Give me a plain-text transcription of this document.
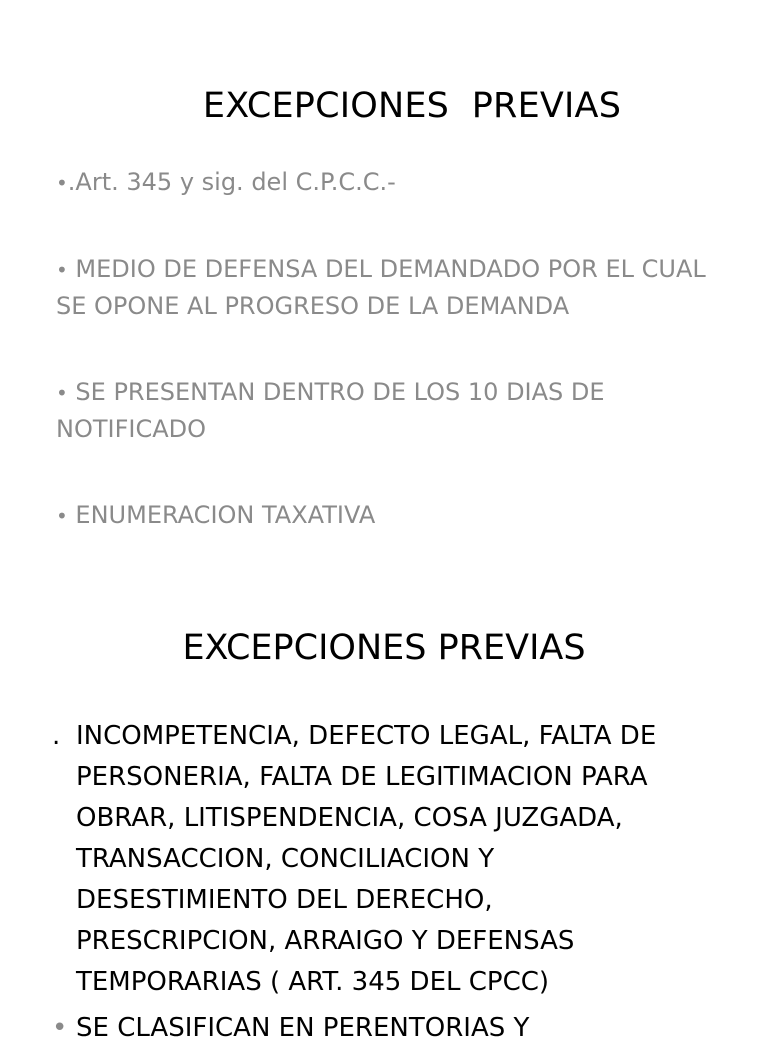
EXCEPCIONES  PREVIAS
•.Art. 345 y sig. del C.P.C.C.-
• MEDIO DE DEFENSA DEL DEMANDADO POR EL CUAL SE OPONE AL PROGRESO DE LA DEMANDA
• SE PRESENTAN DENTRO DE LOS 10 DIAS DE NOTIFICADO
• ENUMERACION TAXATIVA
EXCEPCIONES PREVIAS
. INCOMPETENCIA, DEFECTO LEGAL, FALTA DE
PERSONERIA, FALTA DE LEGITIMACION PARA
OBRAR, LITISPENDENCIA, COSA JUZGADA,
TRANSACCION, CONCILIACION Y
DESESTIMIENTO DEL DERECHO,
PRESCRIPCION, ARRAIGO Y DEFENSAS
TEMPORARIAS ( ART. 345 DEL CPCC)
• SE CLASIFICAN EN PERENTORIAS Y
